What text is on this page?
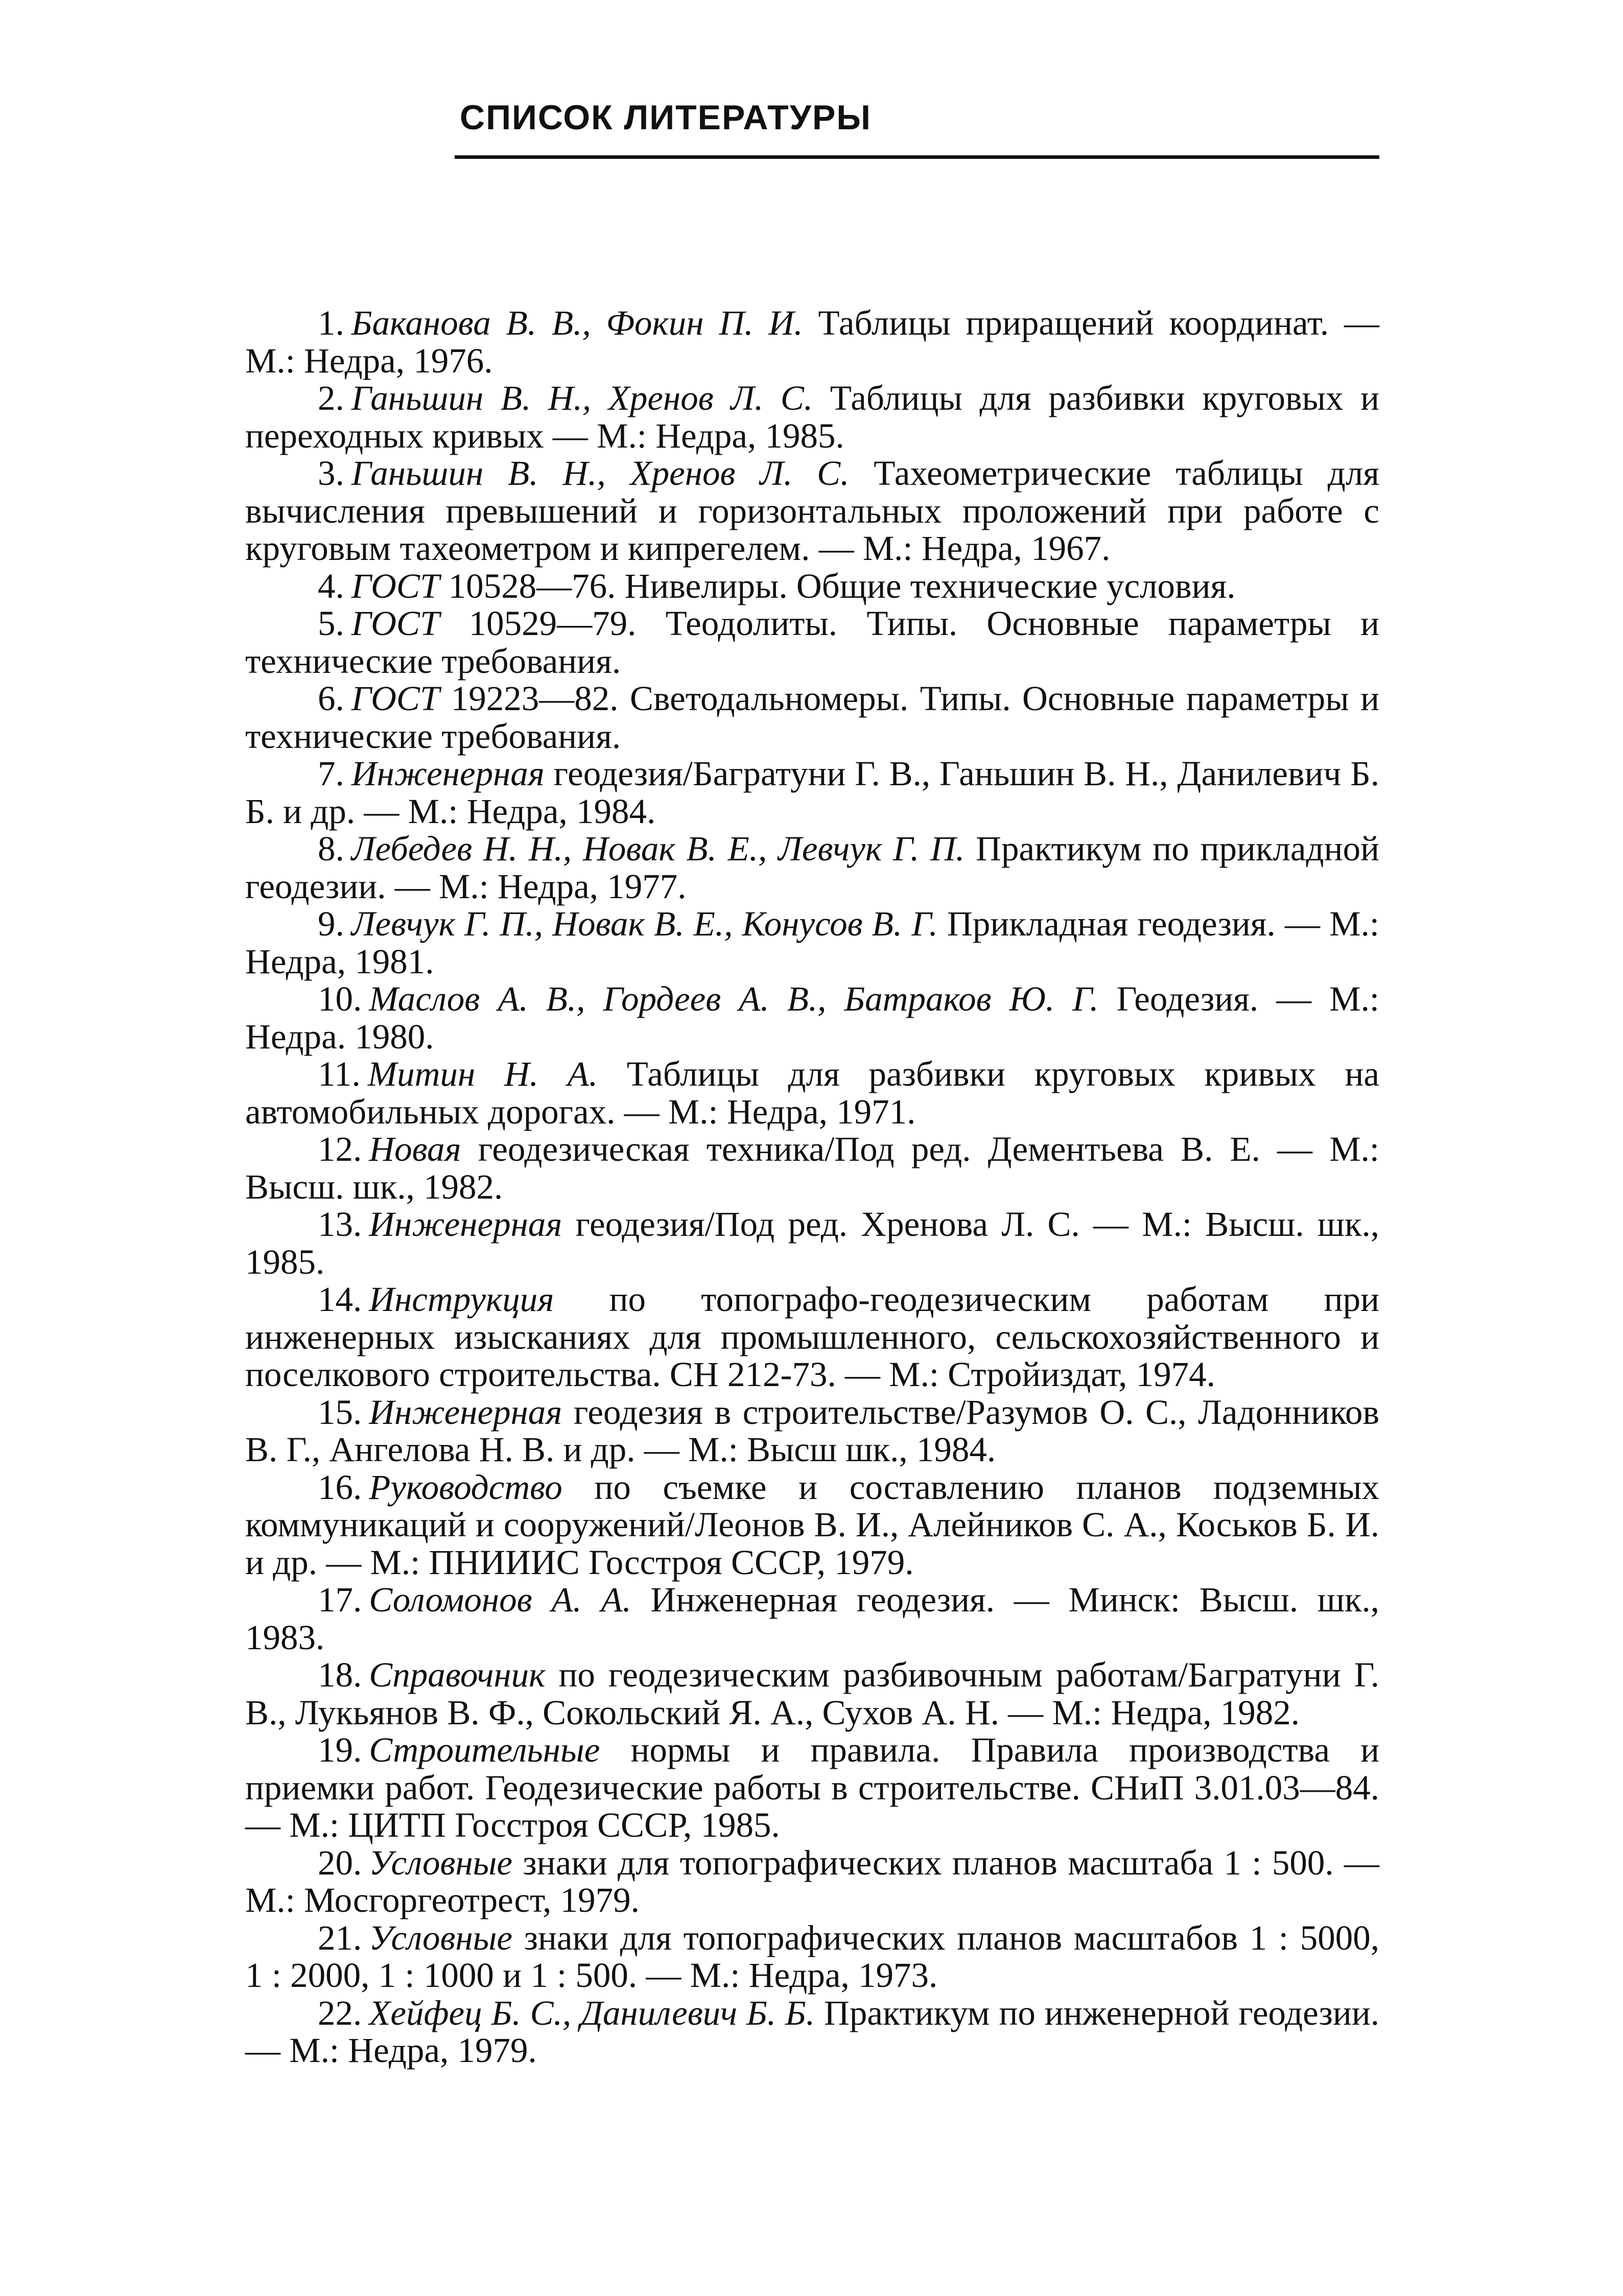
СПИСОК ЛИТЕРАТУРЫ
1. Баканова В. В., Фокин П. И. Таблицы приращений координат. — М.: Недра, 1976.
2. Ганьшин В. Н., Хренов Л. С. Таблицы для разбивки круговых и переходных кривых — М.: Недра, 1985.
3. Ганьшин В. Н., Хренов Л. С. Тахеометрические таблицы для вычисления превышений и горизонтальных проложений при работе с круговым тахеометром и кипрегелем. — М.: Недра, 1967.
4. ГОСТ 10528—76. Нивелиры. Общие технические условия.
5. ГОСТ 10529—79. Теодолиты. Типы. Основные параметры и технические требования.
6. ГОСТ 19223—82. Светодальномеры. Типы. Основные параметры и технические требования.
7. Инженерная геодезия/Багратуни Г. В., Ганьшин В. Н., Данилевич Б. Б. и др. — М.: Недра, 1984.
8. Лебедев Н. Н., Новак В. Е., Левчук Г. П. Практикум по прикладной геодезии. — М.: Недра, 1977.
9. Левчук Г. П., Новак В. Е., Конусов В. Г. Прикладная геодезия. — М.: Недра, 1981.
10. Маслов А. В., Гордеев А. В., Батраков Ю. Г. Геодезия. — М.: Недра. 1980.
11. Митин Н. А. Таблицы для разбивки круговых кривых на автомобильных дорогах. — М.: Недра, 1971.
12. Новая геодезическая техника/Под ред. Дементьева В. Е. — М.: Высш. шк., 1982.
13. Инженерная геодезия/Под ред. Хренова Л. С. — М.: Высш. шк., 1985.
14. Инструкция по топографо-геодезическим работам при инженерных изысканиях для промышленного, сельскохозяйственного и поселкового строительства. СН 212-73. — М.: Стройиздат, 1974.
15. Инженерная геодезия в строительстве/Разумов О. С., Ладонников В. Г., Ангелова Н. В. и др. — М.: Высш шк., 1984.
16. Руководство по съемке и составлению планов подземных коммуникаций и сооружений/Леонов В. И., Алейников С. А., Коськов Б. И. и др. — М.: ПНИИИС Госстроя СССР, 1979.
17. Соломонов А. А. Инженерная геодезия. — Минск: Высш. шк., 1983.
18. Справочник по геодезическим разбивочным работам/Багратуни Г. В., Лукьянов В. Ф., Сокольский Я. А., Сухов А. Н. — М.: Недра, 1982.
19. Строительные нормы и правила. Правила производства и приемки работ. Геодезические работы в строительстве. СНиП 3.01.03—84. — М.: ЦИТП Госстроя СССР, 1985.
20. Условные знаки для топографических планов масштаба 1 : 500. — М.: Мосгоргеотрест, 1979.
21. Условные знаки для топографических планов масштабов 1 : 5000, 1 : 2000, 1 : 1000 и 1 : 500. — М.: Недра, 1973.
22. Хейфец Б. С., Данилевич Б. Б. Практикум по инженерной геодезии. — М.: Недра, 1979.
